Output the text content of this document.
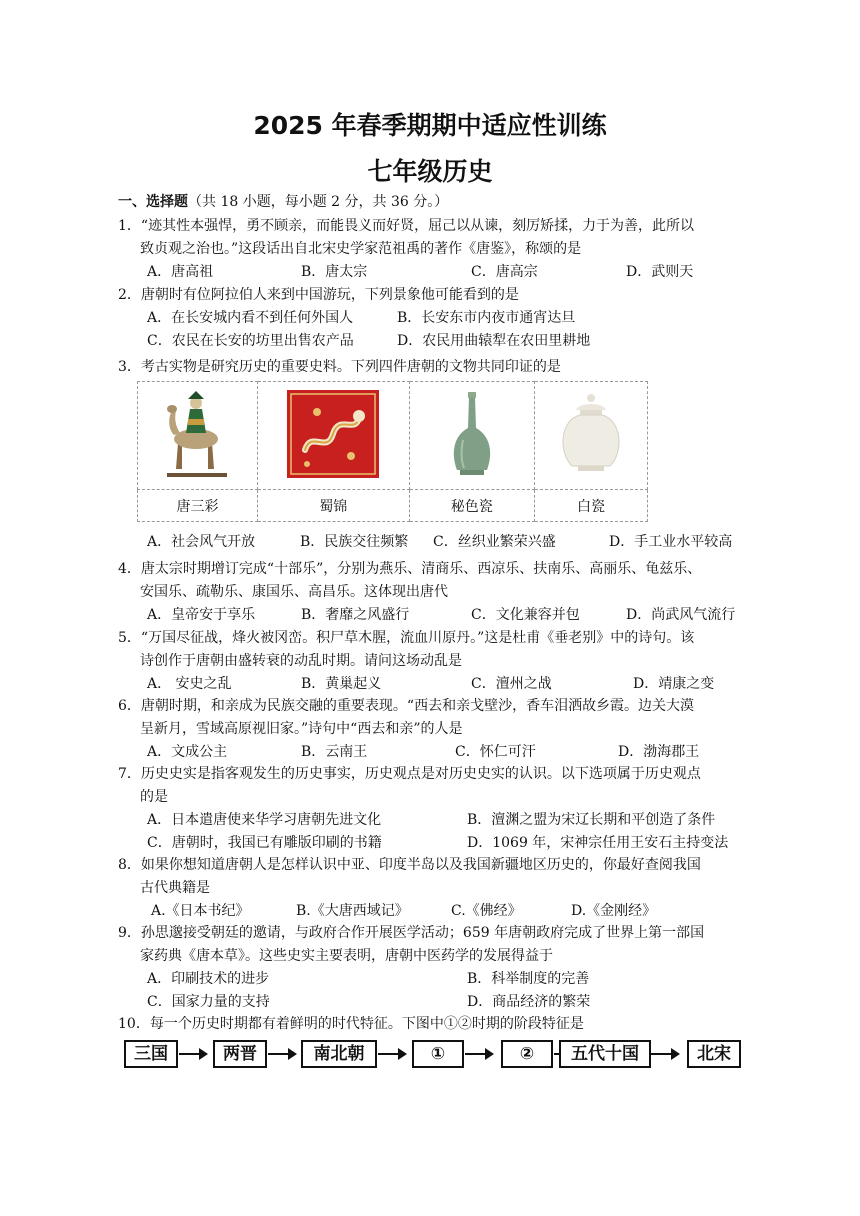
2025 年春季期期中适应性训练
七年级历史
一、选择题（共 18 小题，每小题 2 分，共 36 分。）
1．“迹其性本强悍，勇不顾亲，而能畏义而好贤，屈己以从谏，刻厉矫揉，力于为善，此所以
致贞观之治也。”这段话出自北宋史学家范祖禹的著作《唐鉴》，称颂的是
A．唐高祖	B．唐太宗	C．唐高宗	D．武则天
2．唐朝时有位阿拉伯人来到中国游玩，下列景象他可能看到的是
A．在长安城内看不到任何外国人	B．长安东市内夜市通宵达旦
C．农民在长安的坊里出售农产品	D．农民用曲辕犁在农田里耕地
3．考古实物是研究历史的重要史料。下列四件唐朝的文物共同印证的是

唐三彩	蜀锦	秘色瓷	白瓷
A．社会风气开放	B．民族交往频繁 C．丝织业繁荣兴盛	D．手工业水平较高
4．唐太宗时期增订完成“十部乐”，分别为燕乐、清商乐、西凉乐、扶南乐、高丽乐、龟兹乐、
安国乐、疏勒乐、康国乐、高昌乐。这体现出唐代
A．皇帝安于享乐	B．奢靡之风盛行	C．文化兼容并包	D．尚武风气流行
5．“万国尽征战，烽火被冈峦。积尸草木腥，流血川原丹。”这是杜甫《垂老别》中的诗句。该
诗创作于唐朝由盛转衰的动乱时期。请问这场动乱是
A． 安史之乱	B．黄巢起义	C．澶州之战	D．靖康之变
6．唐朝时期，和亲成为民族交融的重要表现。“西去和亲戈壁沙，香车泪洒故乡霞。边关大漠
呈新月，雪域高原视旧家。”诗句中“西去和亲”的人是
A．文成公主	B．云南王	C．怀仁可汗	D．渤海郡王
7．历史史实是指客观发生的历史事实，历史观点是对历史史实的认识。以下选项属于历史观点
的是
A．日本遣唐使来华学习唐朝先进文化	B．澶渊之盟为宋辽长期和平创造了条件
C．唐朝时，我国已有雕版印刷的书籍	D．1069 年，宋神宗任用王安石主持变法
8．如果你想知道唐朝人是怎样认识中亚、印度半岛以及我国新疆地区历史的，你最好查阅我国
古代典籍是
A.《日本书纪》	B.《大唐西域记》	C.《佛经》	D.《金刚经》
9．孙思邈接受朝廷的邀请，与政府合作开展医学活动；659 年唐朝政府完成了世界上第一部国
家药典《唐本草》。这些史实主要表明，唐朝中医药学的发展得益于
A．印刷技术的进步	B．科举制度的完善
C．国家力量的支持	D．商品经济的繁荣
10．每一个历史时期都有着鲜明的时代特征。下图中①②时期的阶段特征是
三国	两晋	南北朝	①	②	五代十国	北宋
